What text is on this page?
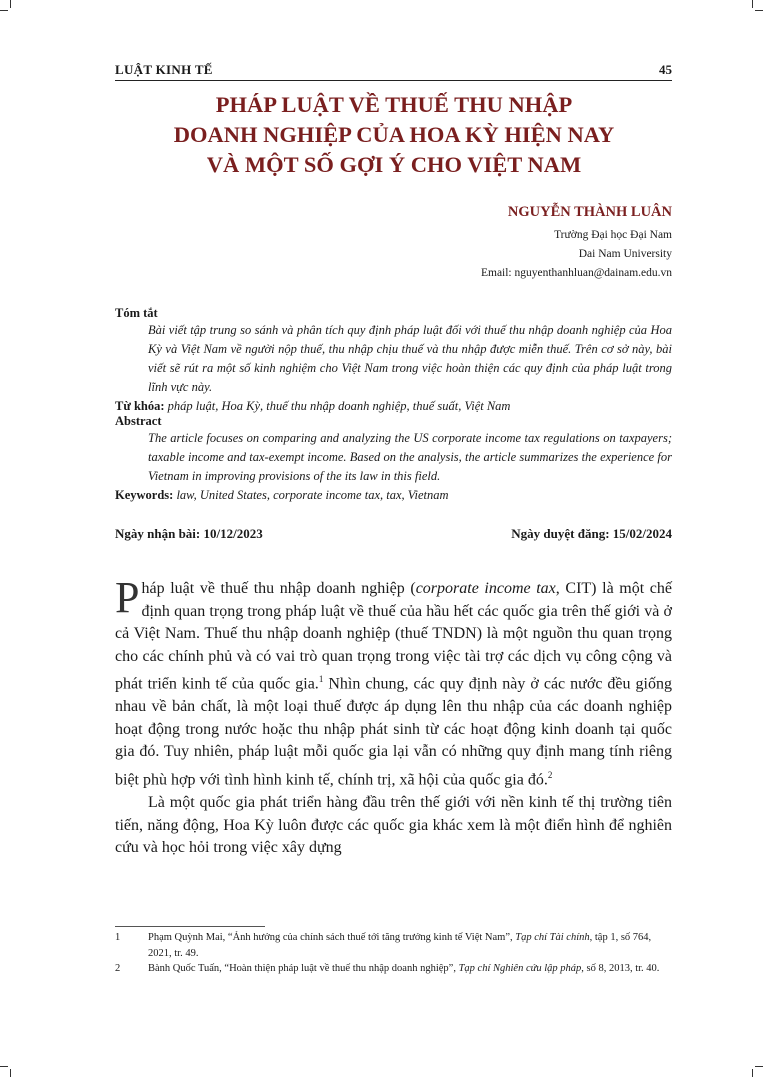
LUẬT KINH TẾ	45
PHÁP LUẬT VỀ THUẾ THU NHẬP
DOANH NGHIỆP CỦA HOA KỲ HIỆN NAY
VÀ MỘT SỐ GỢI Ý CHO VIỆT NAM
NGUYỄN THÀNH LUÂN
Trường Đại học Đại Nam
Dai Nam University
Email: nguyenthanhluan@dainam.edu.vn
Tóm tắt

Bài viết tập trung so sánh và phân tích quy định pháp luật đối với thuế thu nhập doanh nghiệp của Hoa Kỳ và Việt Nam về người nộp thuế, thu nhập chịu thuế và thu nhập được miễn thuế. Trên cơ sở này, bài viết sẽ rút ra một số kinh nghiệm cho Việt Nam trong việc hoàn thiện các quy định của pháp luật trong lĩnh vực này.

Từ khóa: pháp luật, Hoa Kỳ, thuế thu nhập doanh nghiệp, thuế suất, Việt Nam
Abstract

The article focuses on comparing and analyzing the US corporate income tax regulations on taxpayers; taxable income and tax-exempt income. Based on the analysis, the article summarizes the experience for Vietnam in improving provisions of the its law in this field.

Keywords: law, United States, corporate income tax, tax, Vietnam
Ngày nhận bài: 10/12/2023	Ngày duyệt đăng: 15/02/2024

Pháp luật về thuế thu nhập doanh nghiệp (corporate income tax, CIT) là một chế định quan trọng trong pháp luật về thuế của hầu hết các quốc gia trên thế giới và ở cả Việt Nam. Thuế thu nhập doanh nghiệp (thuế TNDN) là một nguồn thu quan trọng cho các chính phủ và có vai trò quan trọng trong việc tài trợ các dịch vụ công cộng và phát triển kinh tế của quốc gia.$^1$ Nhìn chung, các quy định này ở các nước đều giống nhau về bản chất, là một loại thuế được áp dụng lên thu nhập của các doanh nghiệp hoạt động trong nước hoặc thu nhập phát sinh từ các hoạt động kinh doanh tại quốc gia đó. Tuy nhiên, pháp luật mỗi quốc gia lại vẫn có những quy định mang tính riêng biệt phù hợp với tình hình kinh tế, chính trị, xã hội của quốc gia đó.$^2$

Là một quốc gia phát triển hàng đầu trên thế giới với nền kinh tế thị trường tiên tiến, năng động, Hoa Kỳ luôn được các quốc gia khác xem là một điển hình để nghiên cứu và học hỏi trong việc xây dựng

1	Phạm Quỳnh Mai, “Ảnh hưởng của chính sách thuế tới tăng trưởng kinh tế Việt Nam”, Tạp chí Tài chính, tập 1, số 764, 2021, tr. 49.
2	Bành Quốc Tuấn, “Hoàn thiện pháp luật về thuế thu nhập doanh nghiệp”, Tạp chí Nghiên cứu lập pháp, số 8, 2013, tr. 40.
